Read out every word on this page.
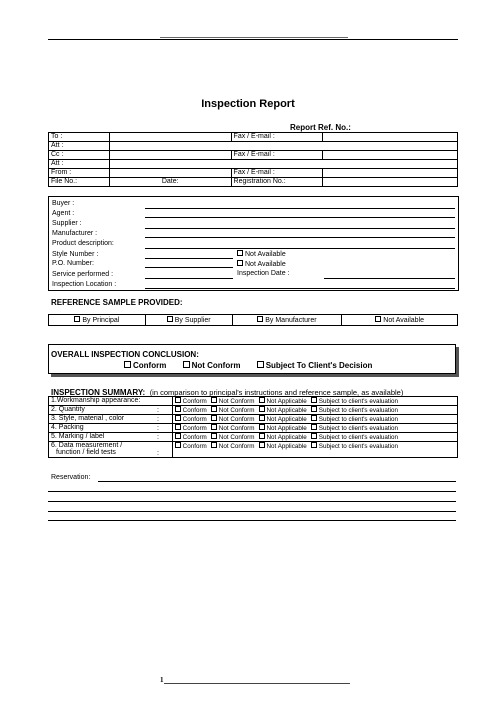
Inspection Report
Report Ref. No.:
To :		Fax / E-mail :	
Att :			
Cc :		Fax / E-mail :	
Att :			
From :		Fax / E-mail :	
File No.:	Date:	Registration No.:	
Buyer :
Agent :
Supplier :
Manufacturer :
Product description:
Style Number :	Not Available
P.O. Number:	Not Available
Service performed :	Inspection Date :
Inspection Location :
REFERENCE SAMPLE PROVIDED:
By Principal	By Supplier	By Manufacturer	Not Available
OVERALL INSPECTION CONCLUSION:
Conform	Not Conform	Subject To Client's Decision
INSPECTION SUMMARY: (in comparison to principal's instructions and reference sample, as available)
1.Workmanship appearance:	Conform Not Conform Not Applicable Subject to client's evaluation
2. Quantity :	Conform Not Conform Not Applicable Subject to client's evaluation
3. Style, material , color :	Conform Not Conform Not Applicable Subject to client's evaluation
4. Packing :	Conform Not Conform Not Applicable Subject to client's evaluation
5. Marking / label :	Conform Not Conform Not Applicable Subject to client's evaluation
6. Data measurement /
function / field tests :	Conform Not Conform Not Applicable Subject to client's evaluation
Reservation:
1
